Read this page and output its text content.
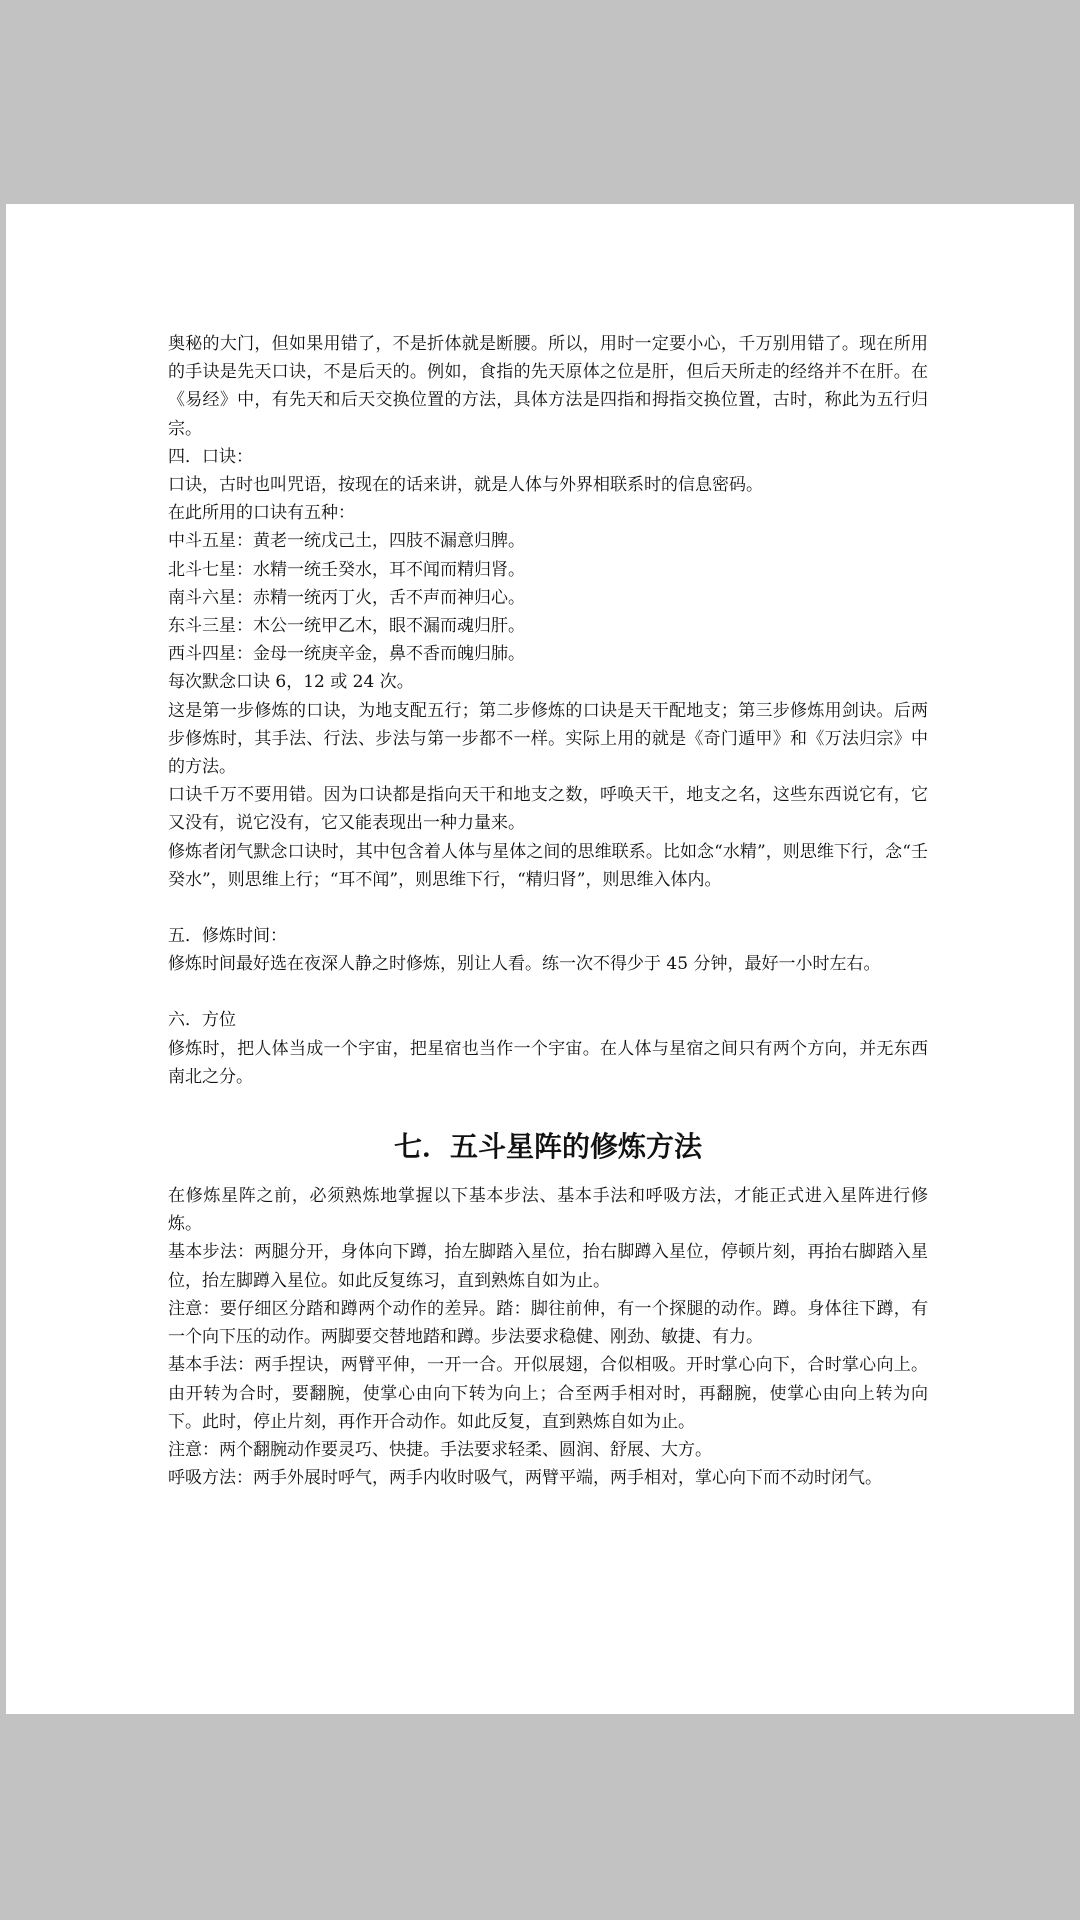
奥秘的大门，但如果用错了，不是折体就是断腰。所以，用时一定要小心，千万别用错了。现在所用的手诀是先天口诀，不是后天的。例如，食指的先天原体之位是肝，但后天所走的经络并不在肝。在《易经》中，有先天和后天交换位置的方法，具体方法是四指和拇指交换位置，古时，称此为五行归宗。

四．口诀：

口诀，古时也叫咒语，按现在的话来讲，就是人体与外界相联系时的信息密码。

在此所用的口诀有五种：

中斗五星：黄老一统戊己土，四肢不漏意归脾。

北斗七星：水精一统壬癸水，耳不闻而精归肾。

南斗六星：赤精一统丙丁火，舌不声而神归心。

东斗三星：木公一统甲乙木，眼不漏而魂归肝。

西斗四星：金母一统庚辛金，鼻不香而魄归肺。

每次默念口诀 6，12 或 24 次。

这是第一步修炼的口诀，为地支配五行；第二步修炼的口诀是天干配地支；第三步修炼用剑诀。后两步修炼时，其手法、行法、步法与第一步都不一样。实际上用的就是《奇门遁甲》和《万法归宗》中的方法。

口诀千万不要用错。因为口诀都是指向天干和地支之数，呼唤天干，地支之名，这些东西说它有，它又没有，说它没有，它又能表现出一种力量来。

修炼者闭气默念口诀时，其中包含着人体与星体之间的思维联系。比如念“水精”，则思维下行，念“壬癸水”，则思维上行；“耳不闻”，则思维下行，“精归肾”，则思维入体内。

五．修炼时间：

修炼时间最好选在夜深人静之时修炼，别让人看。练一次不得少于 45 分钟，最好一小时左右。

六．方位

修炼时，把人体当成一个宇宙，把星宿也当作一个宇宙。在人体与星宿之间只有两个方向，并无东西南北之分。

七．五斗星阵的修炼方法

在修炼星阵之前，必须熟炼地掌握以下基本步法、基本手法和呼吸方法，才能正式进入星阵进行修炼。

基本步法：两腿分开，身体向下蹲，抬左脚踏入星位，抬右脚蹲入星位，停顿片刻，再抬右脚踏入星位，抬左脚蹲入星位。如此反复练习，直到熟炼自如为止。

注意：要仔细区分踏和蹲两个动作的差异。踏：脚往前伸，有一个探腿的动作。蹲。身体往下蹲，有一个向下压的动作。两脚要交替地踏和蹲。步法要求稳健、刚劲、敏捷、有力。

基本手法：两手捏诀，两臂平伸，一开一合。开似展翅，合似相吸。开时掌心向下，合时掌心向上。由开转为合时，要翻腕，使掌心由向下转为向上；合至两手相对时，再翻腕，使掌心由向上转为向下。此时，停止片刻，再作开合动作。如此反复，直到熟炼自如为止。

注意：两个翻腕动作要灵巧、快捷。手法要求轻柔、圆润、舒展、大方。

呼吸方法：两手外展时呼气，两手内收时吸气，两臂平端，两手相对，掌心向下而不动时闭气。
